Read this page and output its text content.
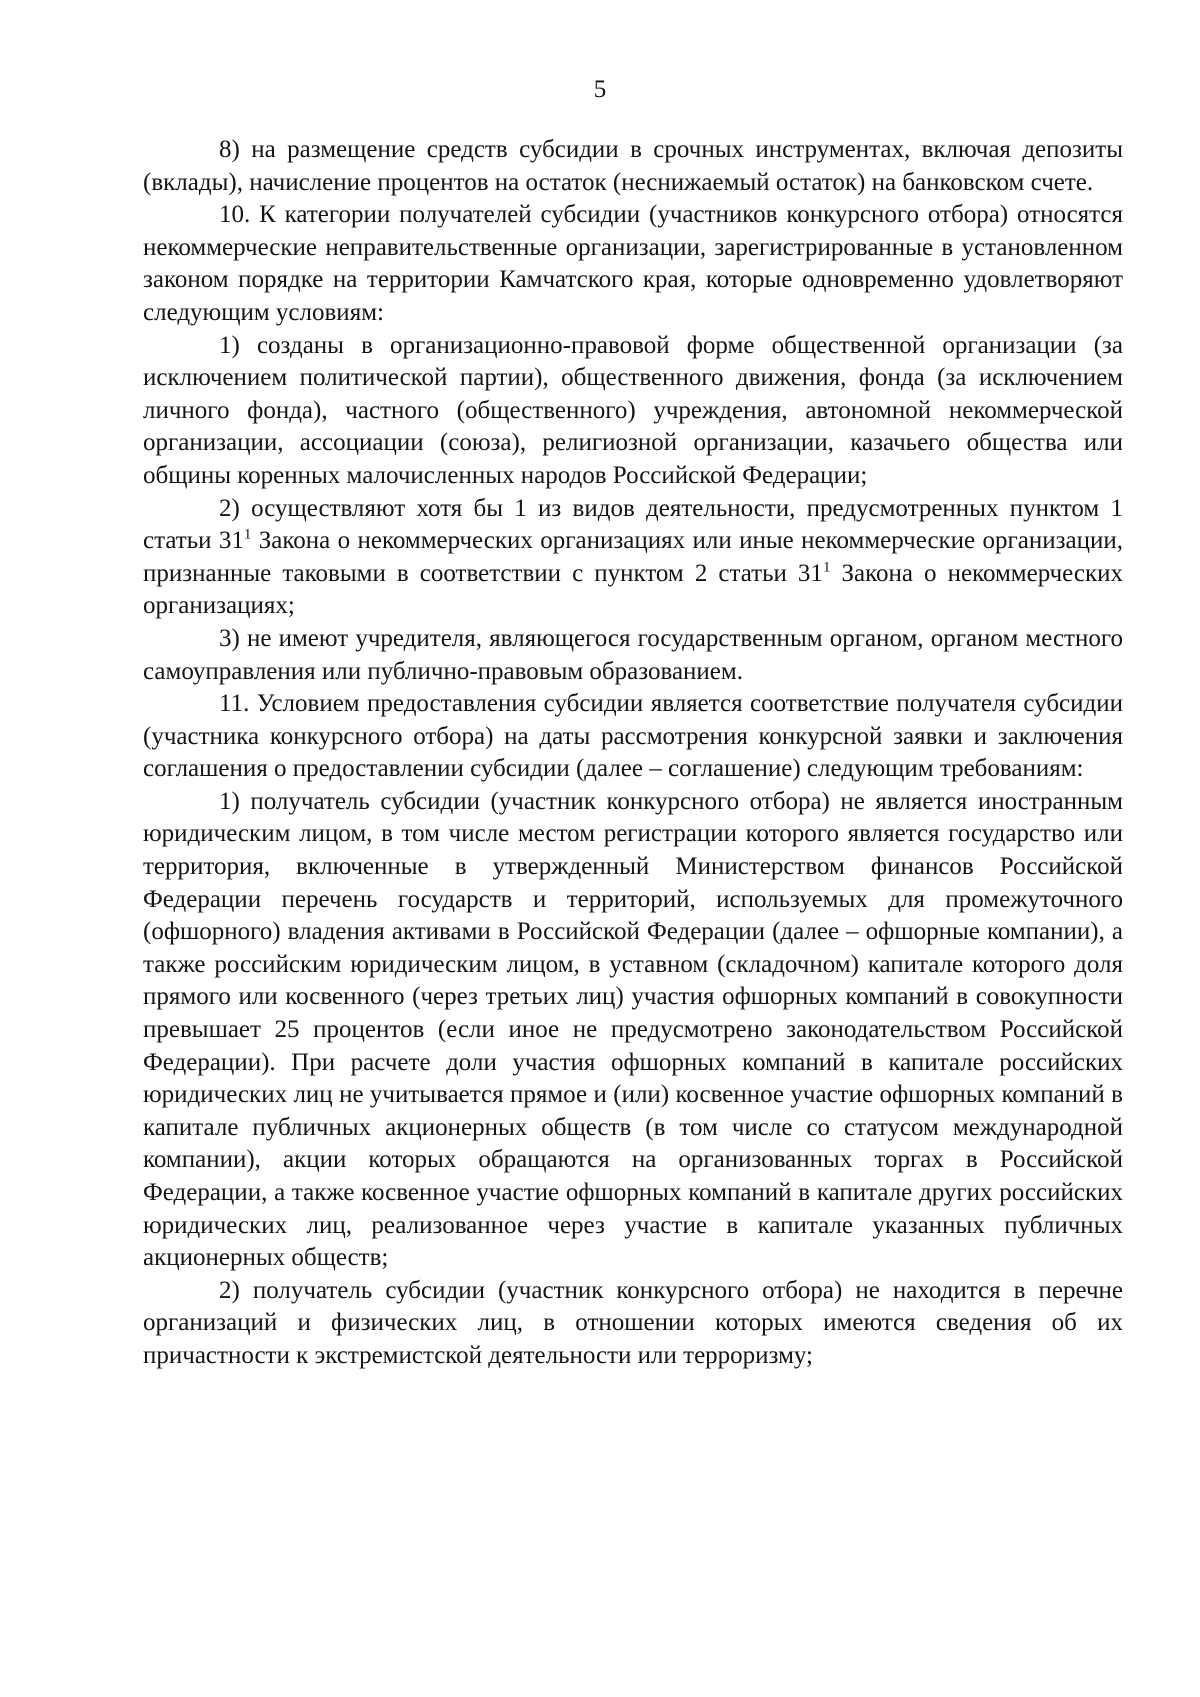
5

8) на размещение средств субсидии в срочных инструментах, включая депозиты (вклады), начисление процентов на остаток (неснижаемый остаток) на банковском счете.

10. К категории получателей субсидии (участников конкурсного отбора) относятся некоммерческие неправительственные организации, зарегистрированные в установленном законом порядке на территории Камчатского края, которые одновременно удовлетворяют следующим условиям:

1) созданы в организационно-правовой форме общественной организации (за исключением политической партии), общественного движения, фонда (за исключением личного фонда), частного (общественного) учреждения, автономной некоммерческой организации, ассоциации (союза), религиозной организации, казачьего общества или общины коренных малочисленных народов Российской Федерации;

2) осуществляют хотя бы 1 из видов деятельности, предусмотренных пунктом 1 статьи $31^1$ Закона о некоммерческих организациях или иные некоммерческие организации, признанные таковыми в соответствии с пунктом 2 статьи $31^1$ Закона о некоммерческих организациях;

3) не имеют учредителя, являющегося государственным органом, органом местного самоуправления или публично-правовым образованием.

11. Условием предоставления субсидии является соответствие получателя субсидии (участника конкурсного отбора) на даты рассмотрения конкурсной заявки и заключения соглашения о предоставлении субсидии (далее – соглашение) следующим требованиям:

1) получатель субсидии (участник конкурсного отбора) не является иностранным юридическим лицом, в том числе местом регистрации которого является государство или территория, включенные в утвержденный Министерством финансов Российской Федерации перечень государств и территорий, используемых для промежуточного (офшорного) владения активами в Российской Федерации (далее – офшорные компании), а также российским юридическим лицом, в уставном (складочном) капитале которого доля прямого или косвенного (через третьих лиц) участия офшорных компаний в совокупности превышает 25 процентов (если иное не предусмотрено законодательством Российской Федерации). При расчете доли участия офшорных компаний в капитале российских юридических лиц не учитывается прямое и (или) косвенное участие офшорных компаний в капитале публичных акционерных обществ (в том числе со статусом международной компании), акции которых обращаются на организованных торгах в Российской Федерации, а также косвенное участие офшорных компаний в капитале других российских юридических лиц, реализованное через участие в капитале указанных публичных акционерных обществ;

2) получатель субсидии (участник конкурсного отбора) не находится в перечне организаций и физических лиц, в отношении которых имеются сведения об их причастности к экстремистской деятельности или терроризму;
